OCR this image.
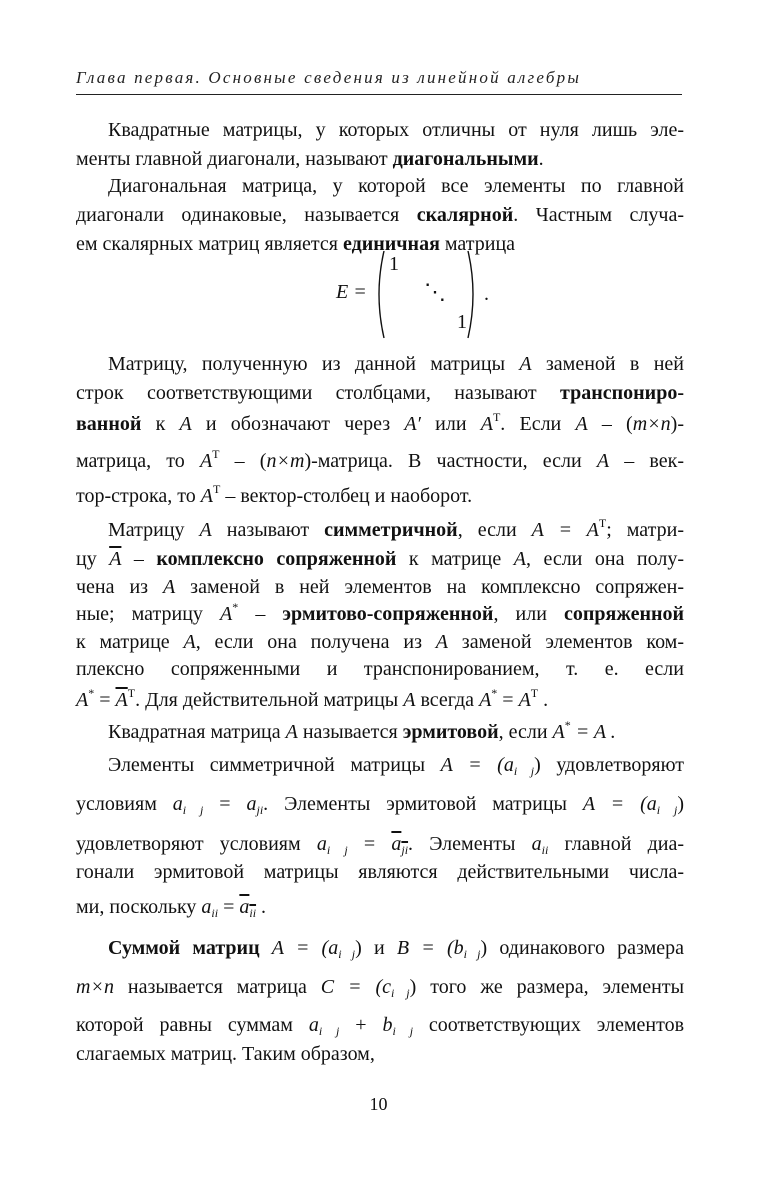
Глава первая. Основные сведения из линейной алгебры
Квадратные матрицы, у которых отличны от нуля лишь эле-
менты главной диагонали, называют диагональными.
Диагональная матрица, у которой все элементы по главной
диагонали одинаковые, называется скалярной. Частным случа-
ем скалярных матриц является единичная матрица
E =
1
⋱
1
.
Матрицу, полученную из данной матрицы A заменой в ней
строк соответствующими столбцами, называют транспониро-
ванной к A и обозначают через A′ или $A^T$. Если A – (m×n)-
матрица, то $A^T$ – (n×m)-матрица. В частности, если A – век-
тор-строка, то $A^T$ – вектор-столбец и наоборот.
Матрицу A называют симметричной, если $A = A^T$; матри-
цу $\overline{A}$ – комплексно сопряженной к матрице A, если она полу-
чена из A заменой в ней элементов на комплексно сопряжен-
ные; матрицу A* – эрмитово-сопряженной, или сопряженной
к матрице A, если она получена из A заменой элементов ком-
плексно сопряженными и транспонированием, т. е. если
$A^* = \overline{A}^T$. Для действительной матрицы A всегда $A^* = A^T$ .
Квадратная матрица A называется эрмитовой, если A* = A .
Элементы симметричной матрицы $A = (a_{i j})$ удовлетворяют
условиям $a_{i j} = a_{ji}$. Элементы эрмитовой матрицы $A = (a_{i j})$
удовлетворяют условиям $a_{i j} = a_{ji}$. Элементы $a_{ii}$ главной диа-
гонали эрмитовой матрицы являются действительными числа-
ми, поскольку $a_{ii} = a_{ii}$ .
Суммой матриц $A = (a_{i j})$ и $B = (b_{i j})$ одинакового размера
m×n называется матрица $C = (c_{i j})$ того же размера, элементы
которой равны суммам $a_{i j} + b_{i j}$ соответствующих элементов
слагаемых матриц. Таким образом,
10
